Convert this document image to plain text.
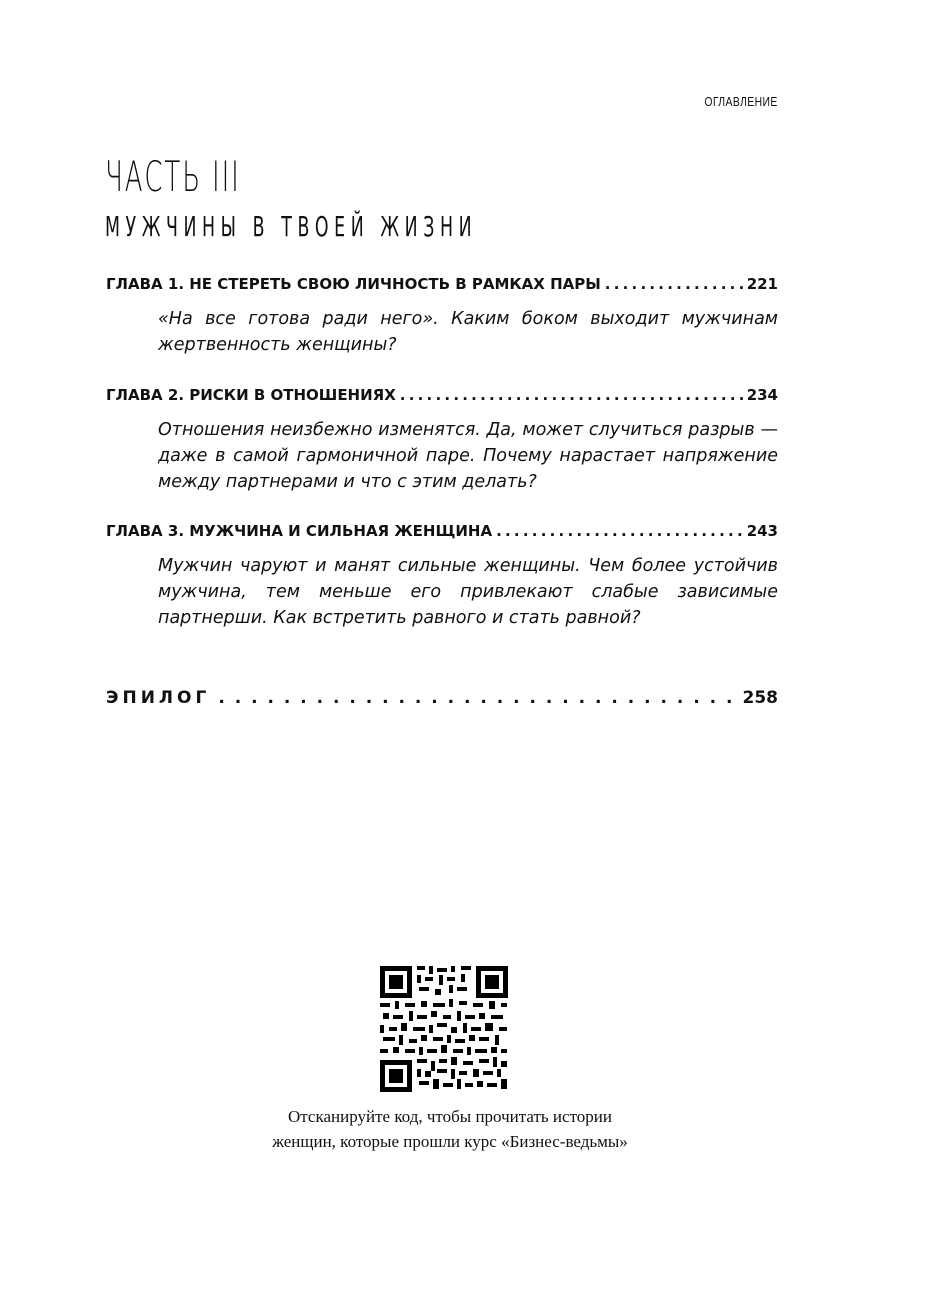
ОГЛАВЛЕНИЕ
ЧАСТЬ III
МУЖЧИНЫ В ТВОЕЙ ЖИЗНИ
ГЛАВА 1. НЕ СТЕРЕТЬ СВОЮ ЛИЧНОСТЬ В РАМКАХ ПАРЫ . . .	221
«На все готова ради него». Каким боком выходит мужчинам жертвенность женщины?
ГЛАВА 2. РИСКИ В ОТНОШЕНИЯХ . . .	234
Отношения неизбежно изменятся. Да, может случиться разрыв — даже в самой гармоничной паре. Почему нарастает напряжение между партнерами и что с этим делать?
ГЛАВА 3. МУЖЧИНА И СИЛЬНАЯ ЖЕНЩИНА . . .	243
Мужчин чаруют и манят сильные женщины. Чем более устойчив мужчина, тем меньше его привлекают слабые зависимые партнерши. Как встретить равного и стать равной?
ЭПИЛОГ . . .	258
Отсканируйте код, чтобы прочитать истории
женщин, которые прошли курс «Бизнес-ведьмы»
